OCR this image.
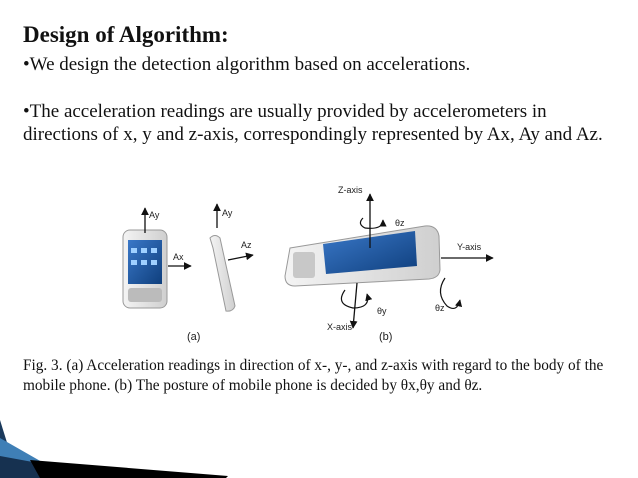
Design of Algorithm:

•We design the detection algorithm based on accelerations.

•The acceleration readings are usually provided by accelerometers in directions of x, y and z-axis, correspondingly represented by Ax, Ay and Az.

Ay
Ax
Ay
Az
(a)
Z-axis
θz
Y-axis
θz
X-axis
θy
(b)

Fig. 3. (a) Acceleration readings in direction of x-, y-, and z-axis with regard to the body of the mobile phone. (b) The posture of mobile phone is decided by θx,θy and θz.
